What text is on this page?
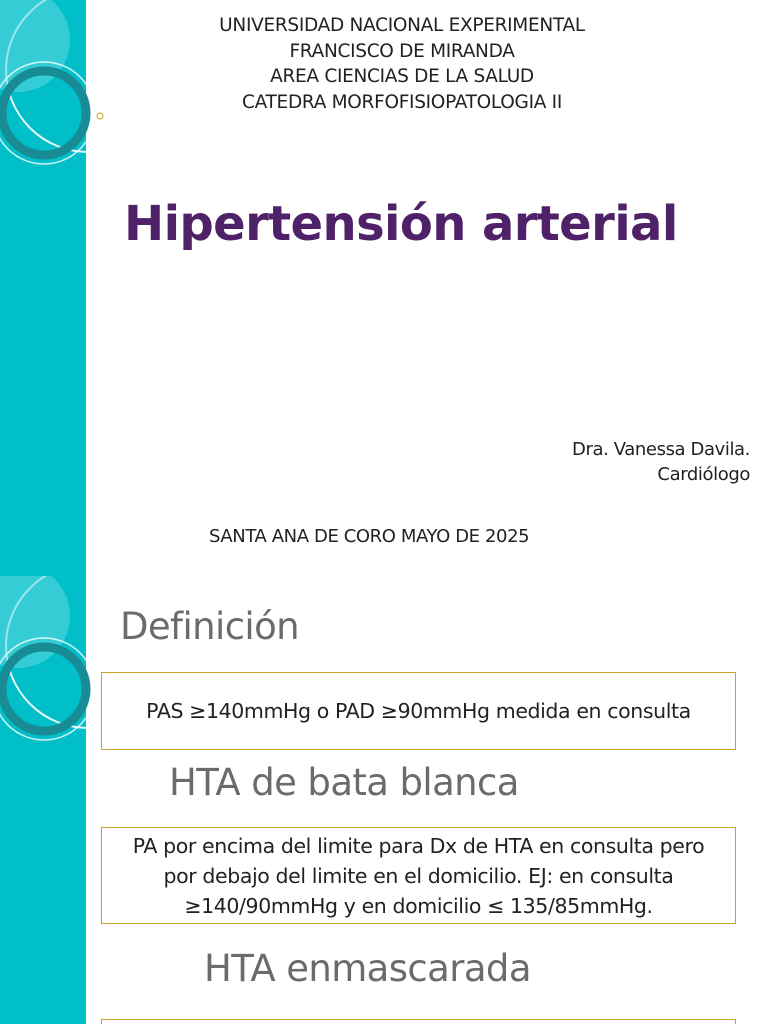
UNIVERSIDAD NACIONAL EXPERIMENTAL
FRANCISCO DE MIRANDA
AREA CIENCIAS DE LA SALUD
CATEDRA MORFOFISIOPATOLOGIA II
Hipertensión arterial
Dra. Vanessa Davila.
Cardiólogo
SANTA ANA DE CORO MAYO DE 2025
Definición
PAS ≥140mmHg o PAD ≥90mmHg medida en consulta
HTA de bata blanca
PA por encima del limite para Dx de HTA en consulta pero
por debajo del limite en el domicilio. EJ: en consulta
≥140/90mmHg y en domicilio ≤ 135/85mmHg.
HTA enmascarada
